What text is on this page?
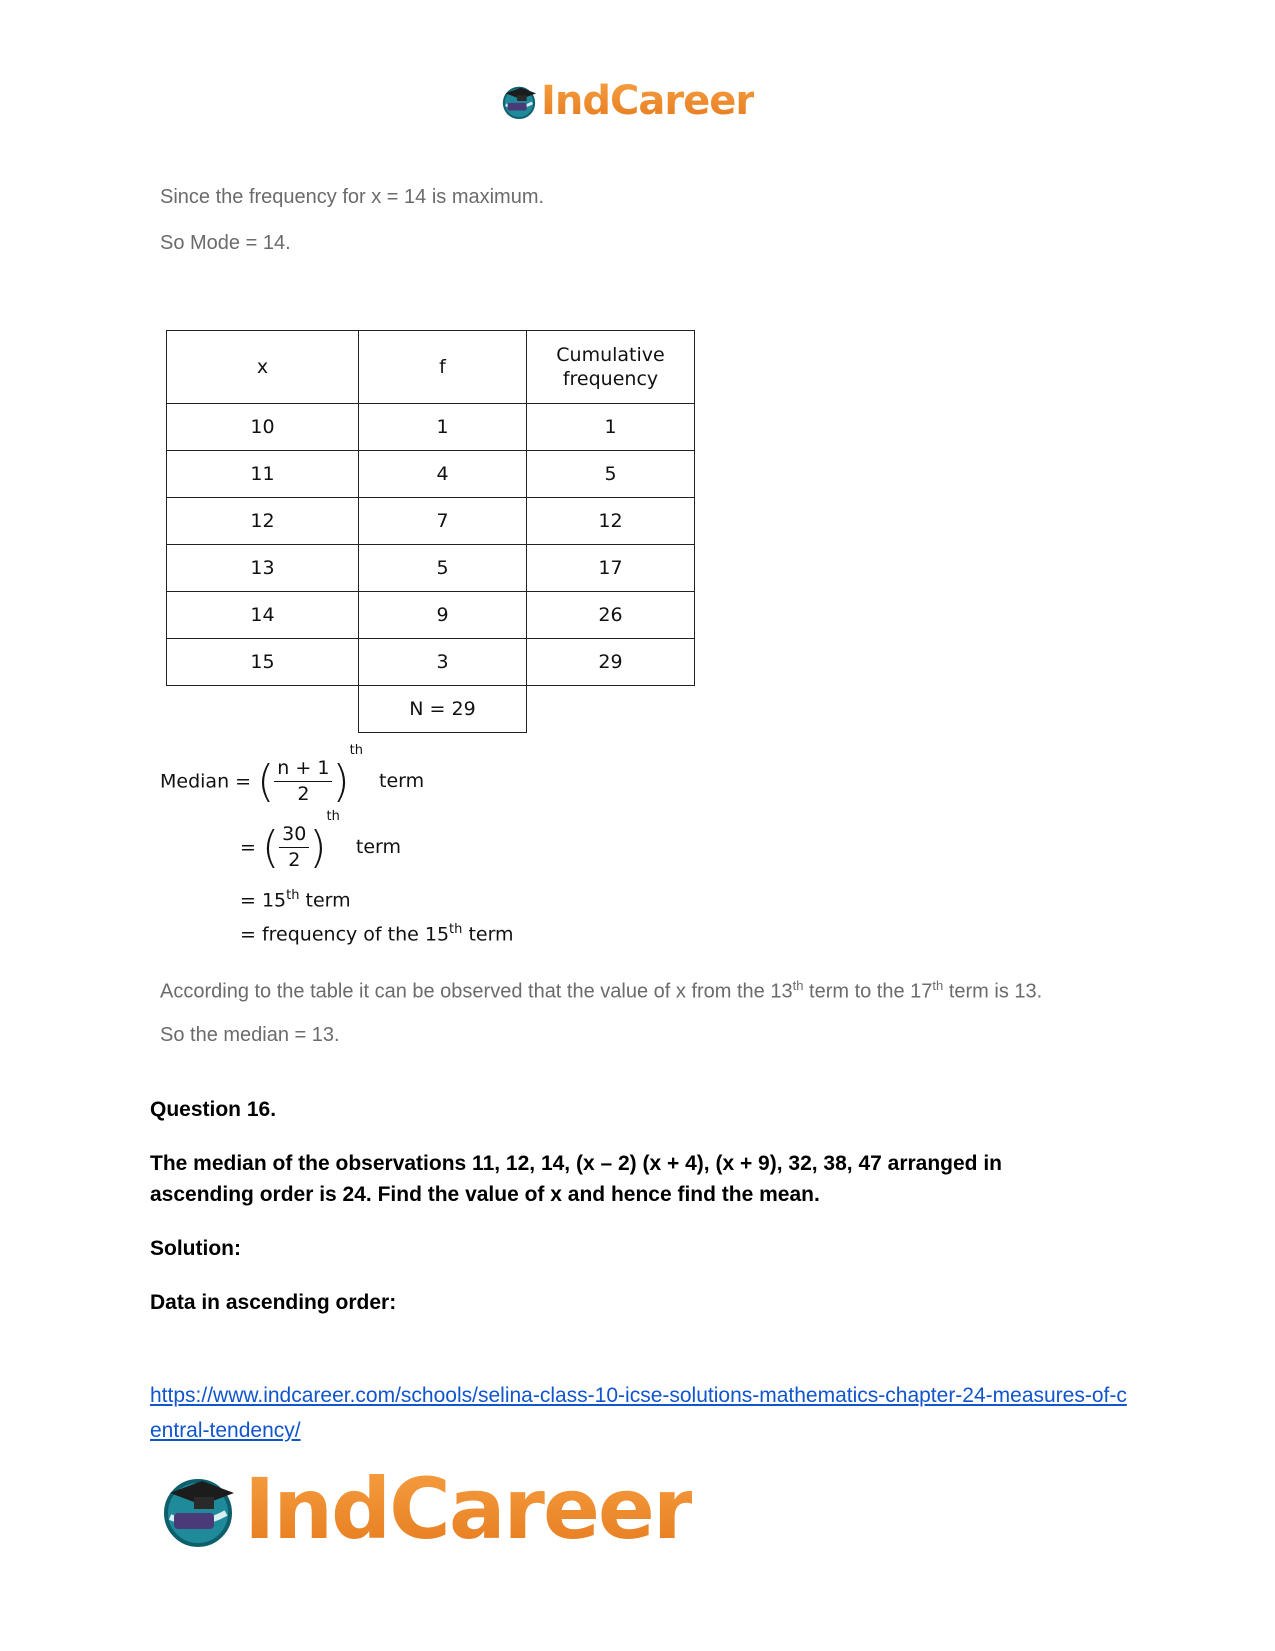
IndCareer
Since the frequency for x = 14 is maximum.
So Mode = 14.
x	f	Cumulative
frequency
10	1	1
11	4	5
12	7	12
13	5	17
14	9	26
15	3	29
	N = 29	
Median = ( $\frac{n + 1}{2} )^{th}$ term
= ( $\frac{30}{2} )^{th}$ term
= 15th term
= frequency of the 15th term
According to the table it can be observed that the value of x from the 13th term to the 17th term is 13.
So the median = 13.
Question 16.
The median of the observations 11, 12, 14, (x – 2) (x + 4), (x + 9), 32, 38, 47 arranged in ascending order is 24. Find the value of x and hence find the mean.
Solution:
Data in ascending order:
https://www.indcareer.com/schools/selina-class-10-icse-solutions-mathematics-chapter-24-measures-of-central-tendency/
IndCareer
